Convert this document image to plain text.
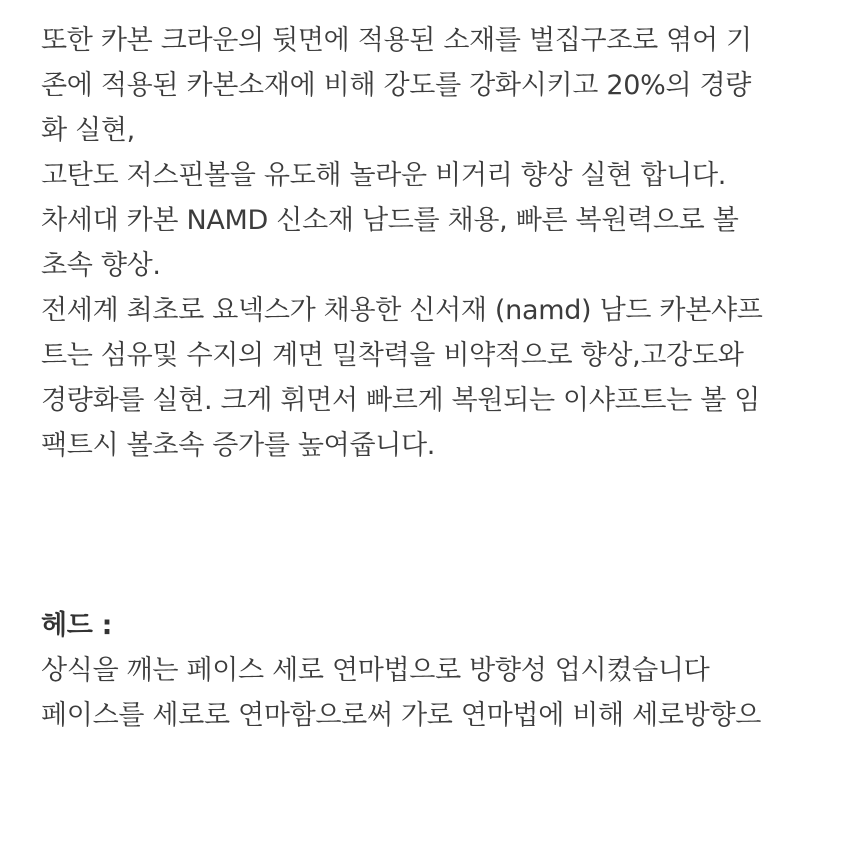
또한 카본 크라운의 뒷면에 적용된 소재를 벌집구조로 엮어 기
존에 적용된 카본소재에 비해 강도를 강화시키고 20%의 경량
화 실현,
고탄도 저스핀볼을 유도해 놀라운 비거리 향상 실현 합니다.
차세대 카본 NAMD 신소재 남드를 채용, 빠른 복원력으로 볼
초속 향상.
전세계 최초로 요넥스가 채용한 신서재 (namd) 남드 카본샤프
트는 섬유및 수지의 계면 밀착력을 비약적으로 향상,고강도와
경량화를 실현. 크게 휘면서 빠르게 복원되는 이샤프트는 볼 임
팩트시 볼초속 증가를 높여줍니다.
헤드 :
상식을 깨는 페이스 세로 연마법으로 방향성 업시켰습니다
페이스를 세로로 연마함으로써 가로 연마법에 비해 세로방향으
